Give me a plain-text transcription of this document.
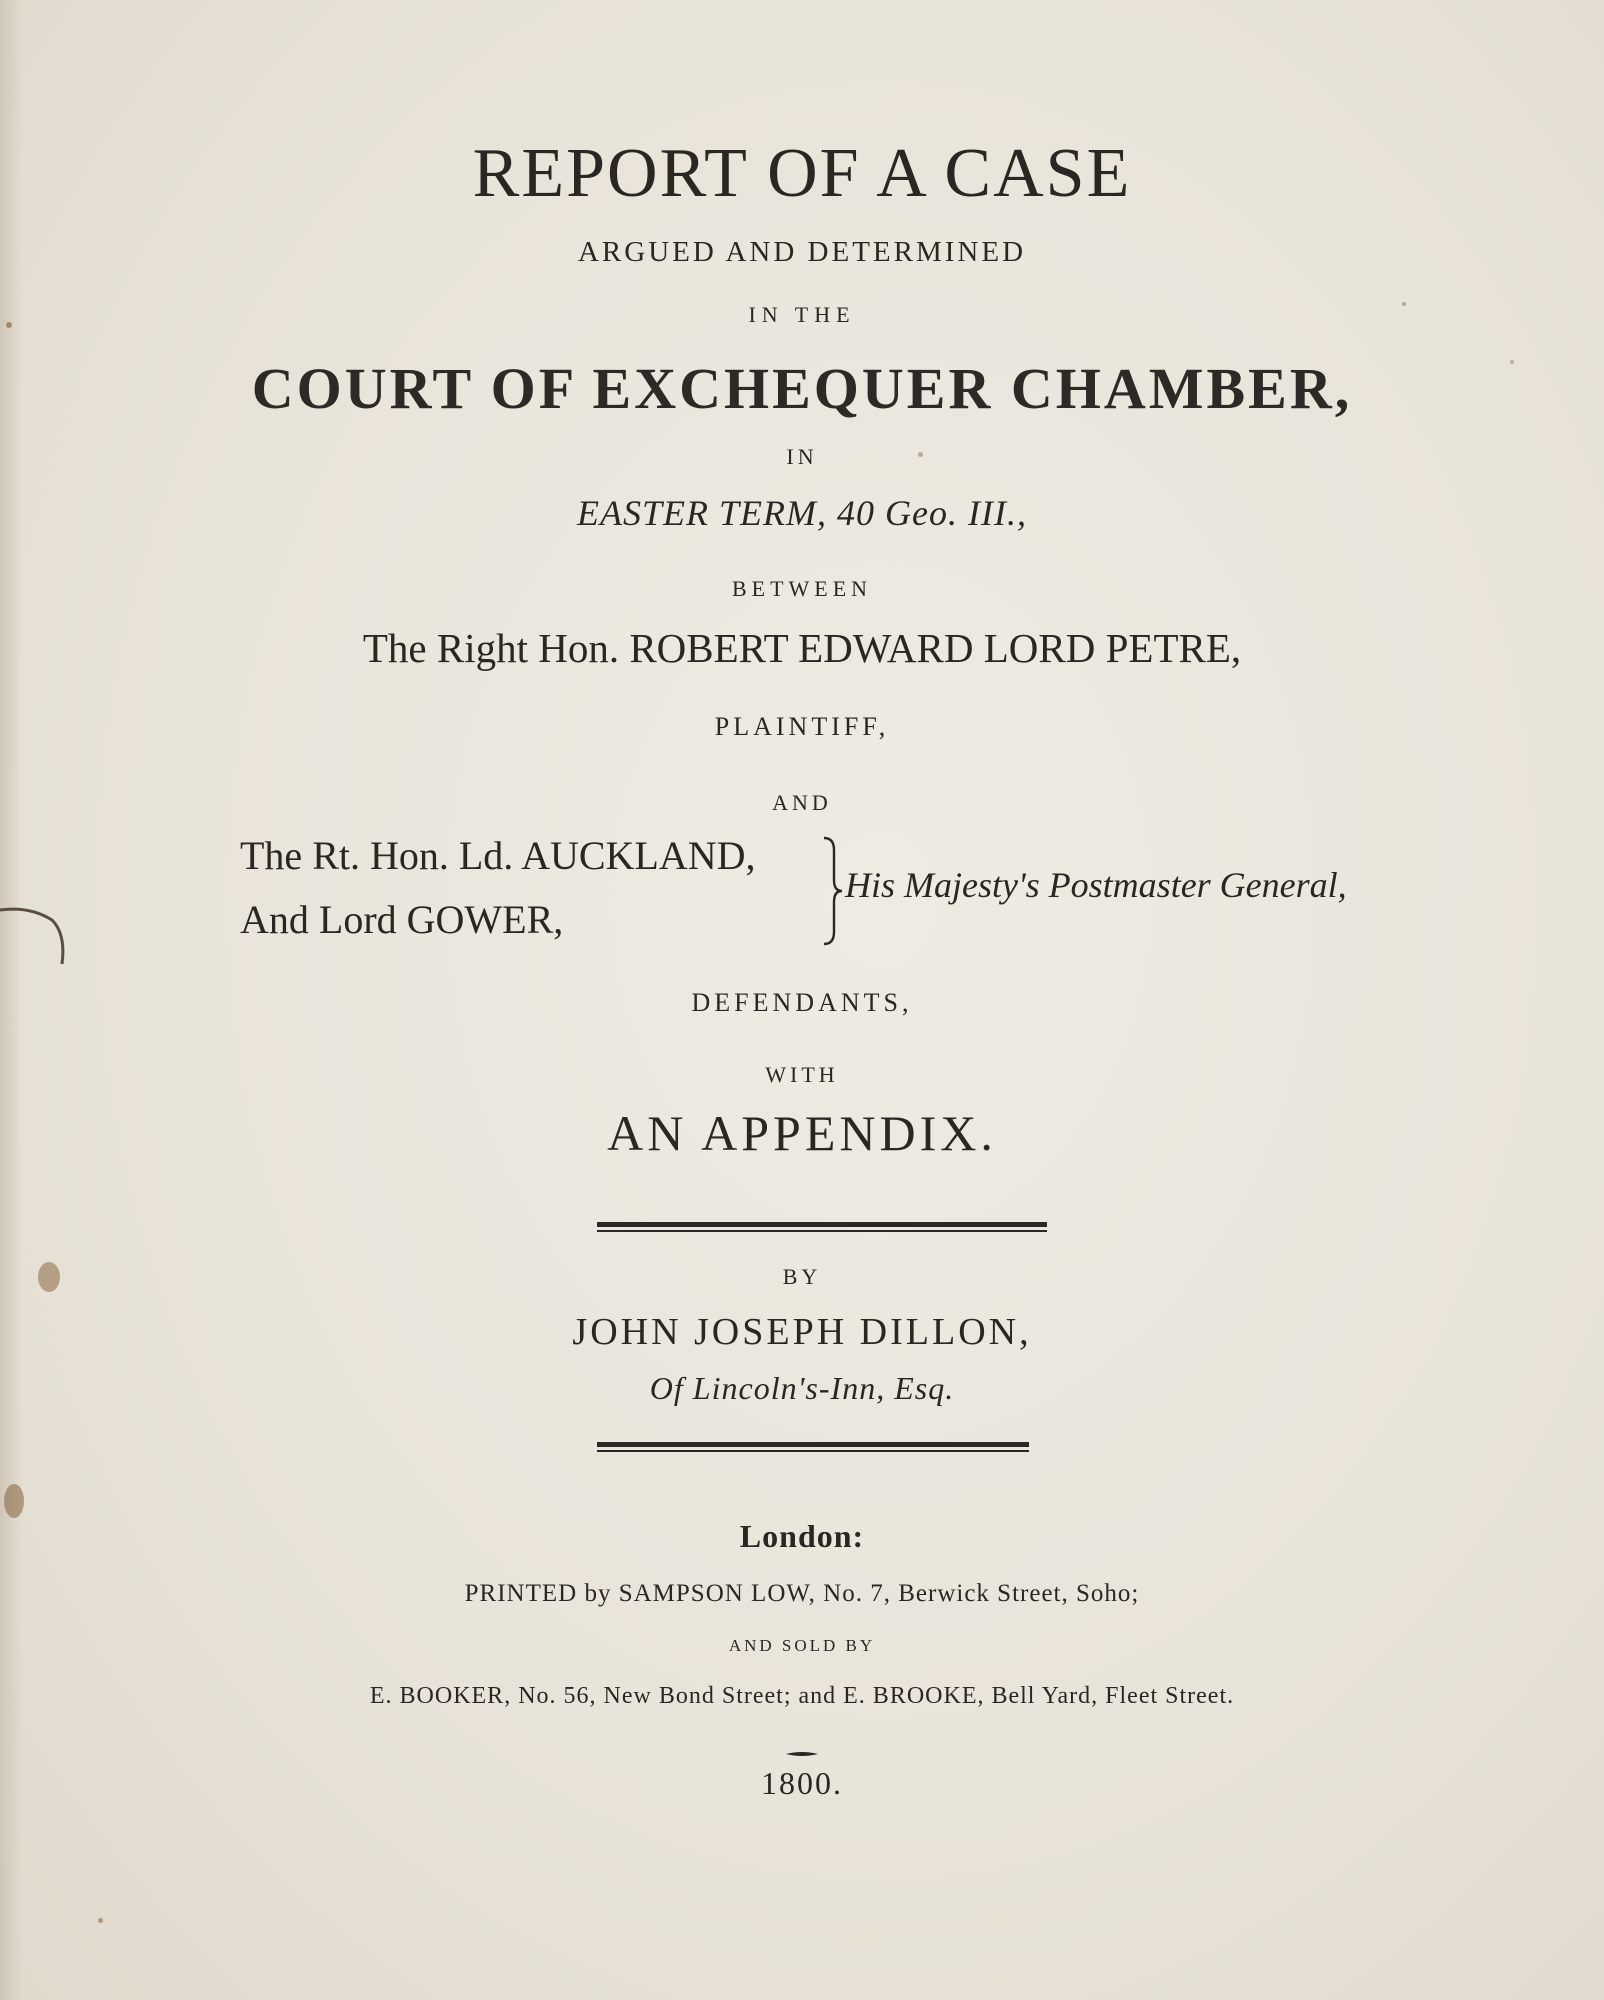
REPORT OF A CASE
ARGUED AND DETERMINED
IN THE
COURT OF EXCHEQUER CHAMBER,
IN
EASTER TERM, 40 Geo. III.,
BETWEEN
The Right Hon. ROBERT EDWARD LORD PETRE,
PLAINTIFF,
AND
The Rt. Hon. Ld. AUCKLAND,
And Lord GOWER,
His Majesty's Postmaster General,
DEFENDANTS,
WITH
AN APPENDIX.
BY
JOHN JOSEPH DILLON,
Of Lincoln's-Inn, Esq.
London:
PRINTED by SAMPSON LOW, No. 7, Berwick Street, Soho;
AND SOLD BY
E. BOOKER, No. 56, New Bond Street; and E. BROOKE, Bell Yard, Fleet Street.
1800.
